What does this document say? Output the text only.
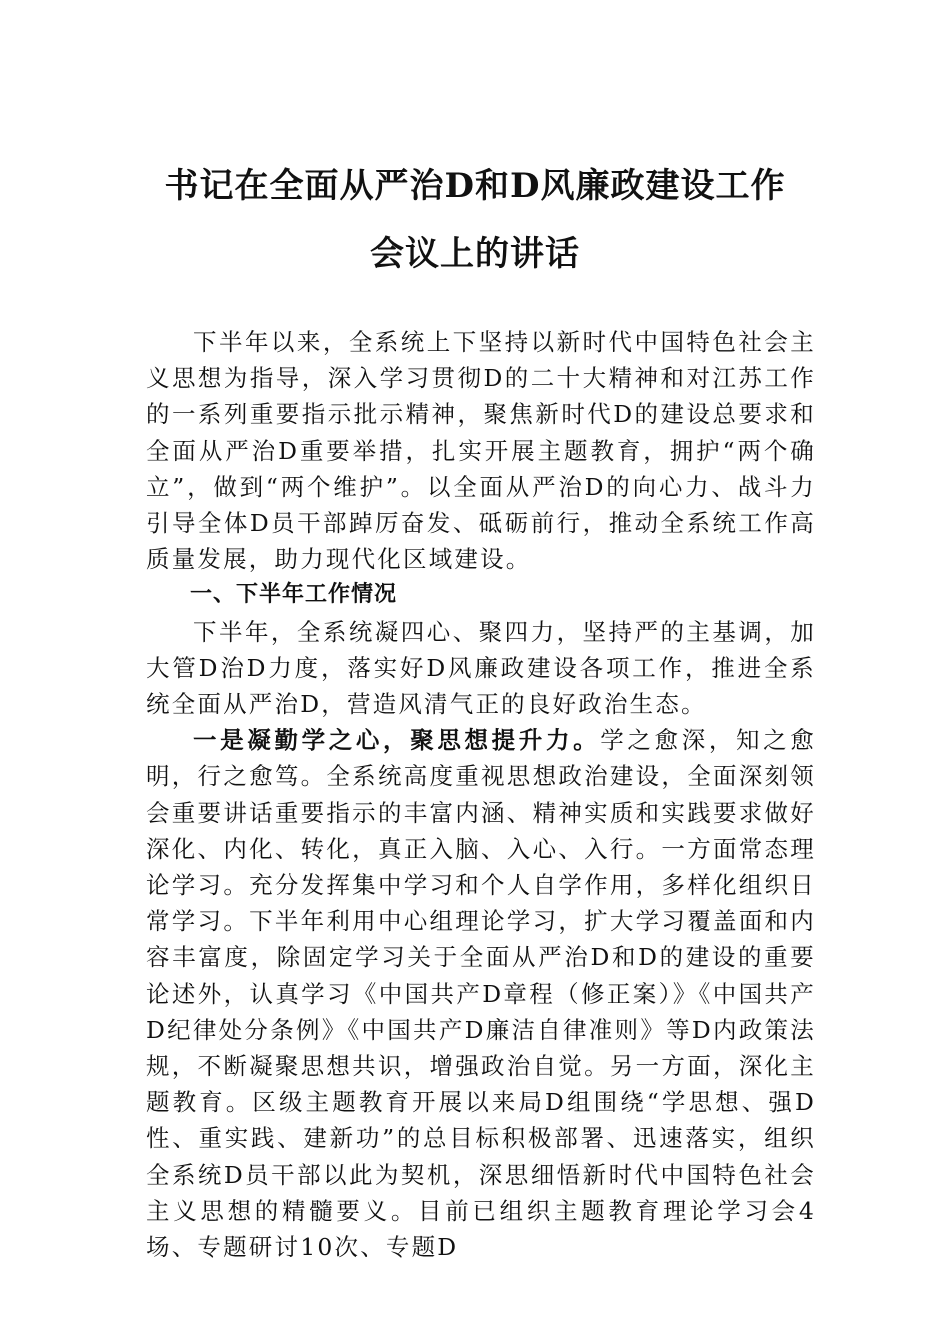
书记在全面从严治D和D风廉政建设工作
会议上的讲话

下半年以来，全系统上下坚持以新时代中国特色社会主义思想为指导，深入学习贯彻D的二十大精神和对江苏工作的一系列重要指示批示精神，聚焦新时代D的建设总要求和全面从严治D重要举措，扎实开展主题教育，拥护“两个确立”，做到“两个维护”。以全面从严治D的向心力、战斗力引导全体D员干部踔厉奋发、砥砺前行，推动全系统工作高质量发展，助力现代化区域建设。

一、下半年工作情况

下半年，全系统凝四心、聚四力，坚持严的主基调，加大管D治D力度，落实好D风廉政建设各项工作，推进全系统全面从严治D，营造风清气正的良好政治生态。

一是凝勤学之心，聚思想提升力。学之愈深，知之愈明，行之愈笃。全系统高度重视思想政治建设，全面深刻领会重要讲话重要指示的丰富内涵、精神实质和实践要求做好深化、内化、转化，真正入脑、入心、入行。一方面常态理论学习。充分发挥集中学习和个人自学作用，多样化组织日常学习。下半年利用中心组理论学习，扩大学习覆盖面和内容丰富度，除固定学习关于全面从严治D和D的建设的重要论述外，认真学习《中国共产D章程（修正案）》《中国共产D纪律处分条例》《中国共产D廉洁自律准则》等D内政策法规，不断凝聚思想共识，增强政治自觉。另一方面，深化主题教育。区级主题教育开展以来局D组围绕“学思想、强D性、重实践、建新功”的总目标积极部署、迅速落实，组织全系统D员干部以此为契机，深思细悟新时代中国特色社会主义思想的精髓要义。目前已组织主题教育理论学习会4场、专题研讨10次、专题D
